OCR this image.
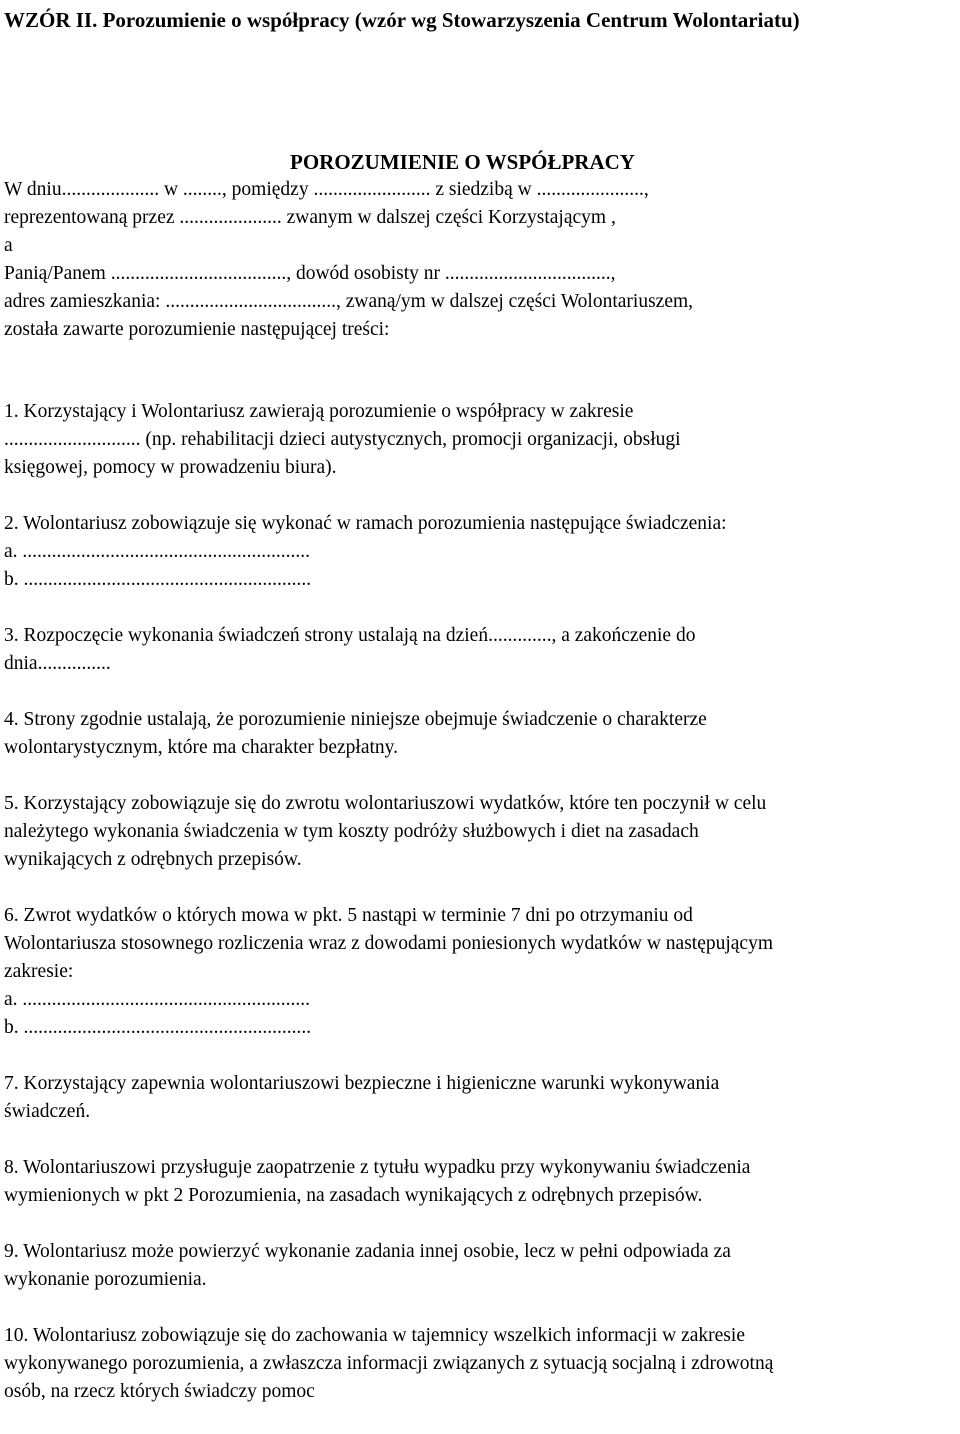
WZÓR II. Porozumienie o współpracy (wzór wg Stowarzyszenia Centrum Wolontariatu)

POROZUMIENIE O WSPÓŁPRACY

W dniu.................... w ........, pomiędzy ........................ z siedzibą w ......................,
reprezentowaną przez ..................... zwanym w dalszej części Korzystającym ,
a
Panią/Panem ...................................., dowód osobisty nr ..................................,
adres zamieszkania: ..................................., zwaną/ym w dalszej części Wolontariuszem,
została zawarte porozumienie następującej treści:
1. Korzystający i Wolontariusz zawierają porozumienie o współpracy w zakresie
............................ (np. rehabilitacji dzieci autystycznych, promocji organizacji, obsługi
księgowej, pomocy w prowadzeniu biura).
2. Wolontariusz zobowiązuje się wykonać w ramach porozumienia następujące świadczenia:
a. ...........................................................
b. ...........................................................
3. Rozpoczęcie wykonania świadczeń strony ustalają na dzień............., a zakończenie do
dnia...............
4. Strony zgodnie ustalają, że porozumienie niniejsze obejmuje świadczenie o charakterze
wolontarystycznym, które ma charakter bezpłatny.
5. Korzystający zobowiązuje się do zwrotu wolontariuszowi wydatków, które ten poczynił w celu
należytego wykonania świadczenia w tym koszty podróży służbowych i diet na zasadach
wynikających z odrębnych przepisów.
6. Zwrot wydatków o których mowa w pkt. 5 nastąpi w terminie 7 dni po otrzymaniu od
Wolontariusza stosownego rozliczenia wraz z dowodami poniesionych wydatków w następującym
zakresie:
a. ...........................................................
b. ...........................................................
7. Korzystający zapewnia wolontariuszowi bezpieczne i higieniczne warunki wykonywania
świadczeń.
8. Wolontariuszowi przysługuje zaopatrzenie z tytułu wypadku przy wykonywaniu świadczenia
wymienionych w pkt 2 Porozumienia, na zasadach wynikających z odrębnych przepisów.
9. Wolontariusz może powierzyć wykonanie zadania innej osobie, lecz w pełni odpowiada za
wykonanie porozumienia.
10. Wolontariusz zobowiązuje się do zachowania w tajemnicy wszelkich informacji w zakresie
wykonywanego porozumienia, a zwłaszcza informacji związanych z sytuacją socjalną i zdrowotną
osób, na rzecz których świadczy pomoc
